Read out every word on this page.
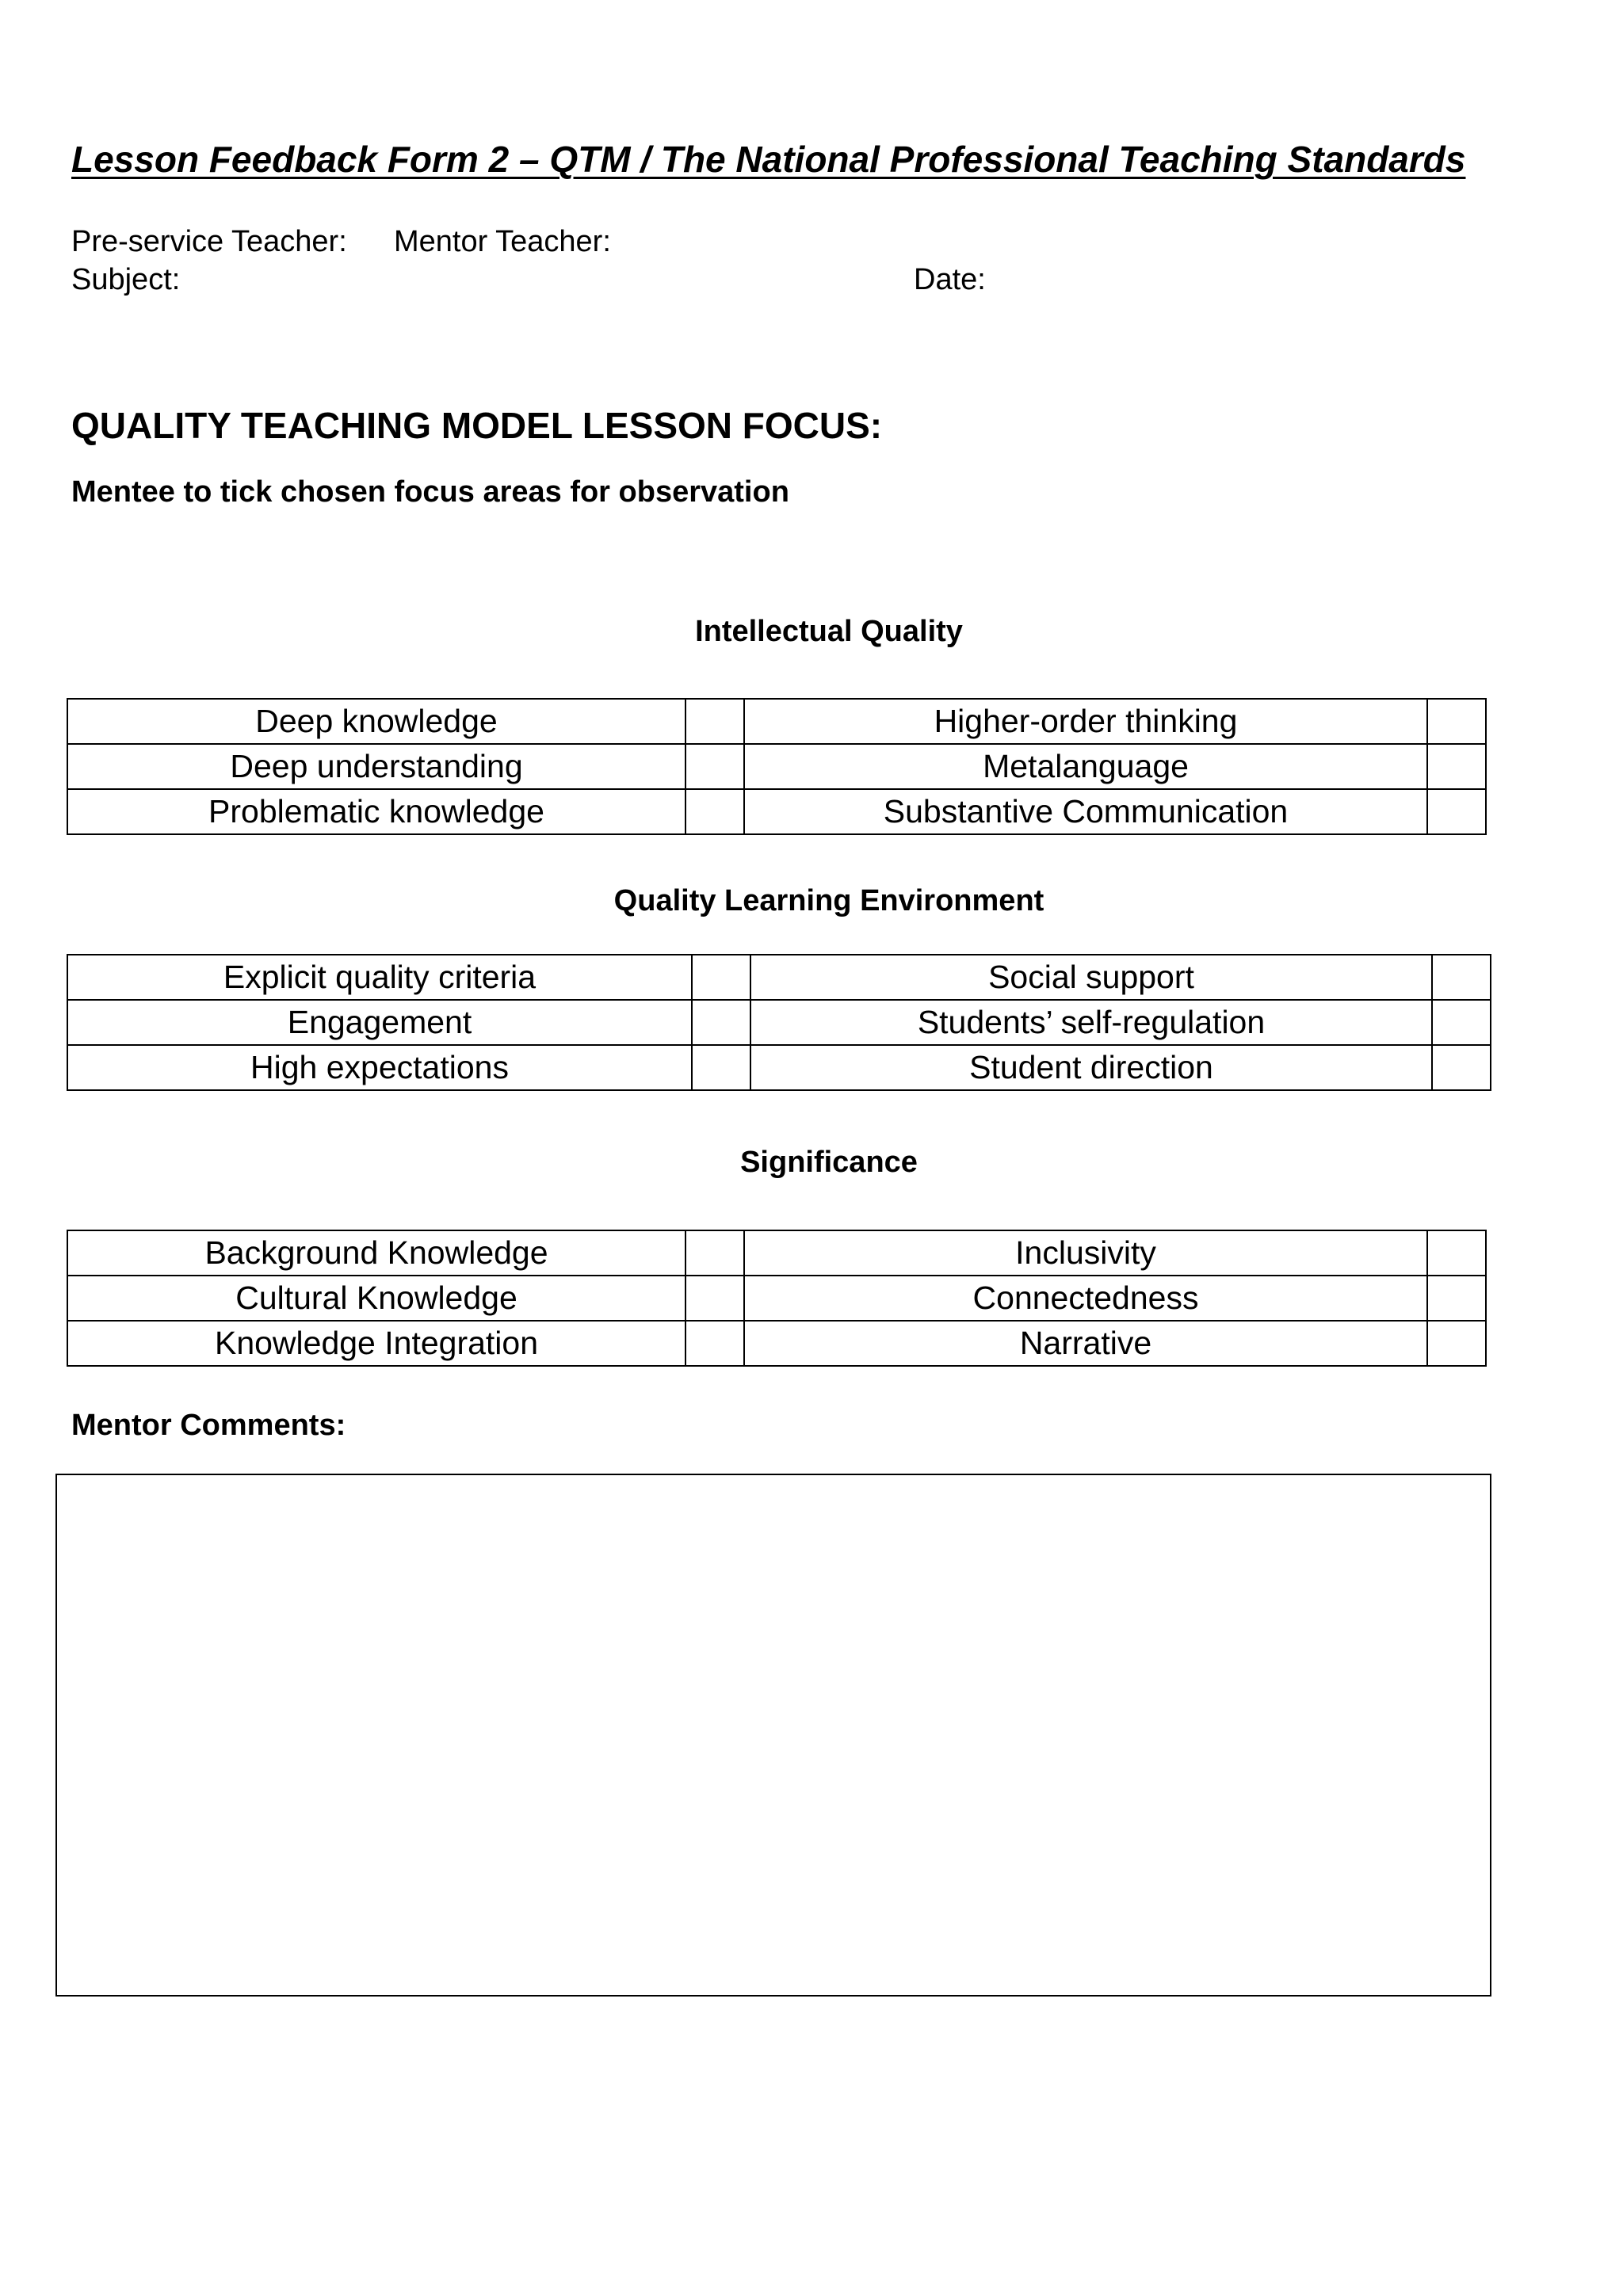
Lesson Feedback Form 2 – QTM / The National Professional Teaching Standards
Pre-service Teacher: Mentor Teacher:
Subject:	Date:
QUALITY TEACHING MODEL LESSON FOCUS:
Mentee to tick chosen focus areas for observation
Intellectual Quality
Deep knowledge		Higher-order thinking	
Deep understanding		Metalanguage	
Problematic knowledge		Substantive Communication	
Quality Learning Environment
Explicit quality criteria		Social support	
Engagement		Students’ self-regulation	
High expectations		Student direction	
Significance
Background Knowledge		Inclusivity	
Cultural Knowledge		Connectedness	
Knowledge Integration		Narrative	
Mentor Comments:
